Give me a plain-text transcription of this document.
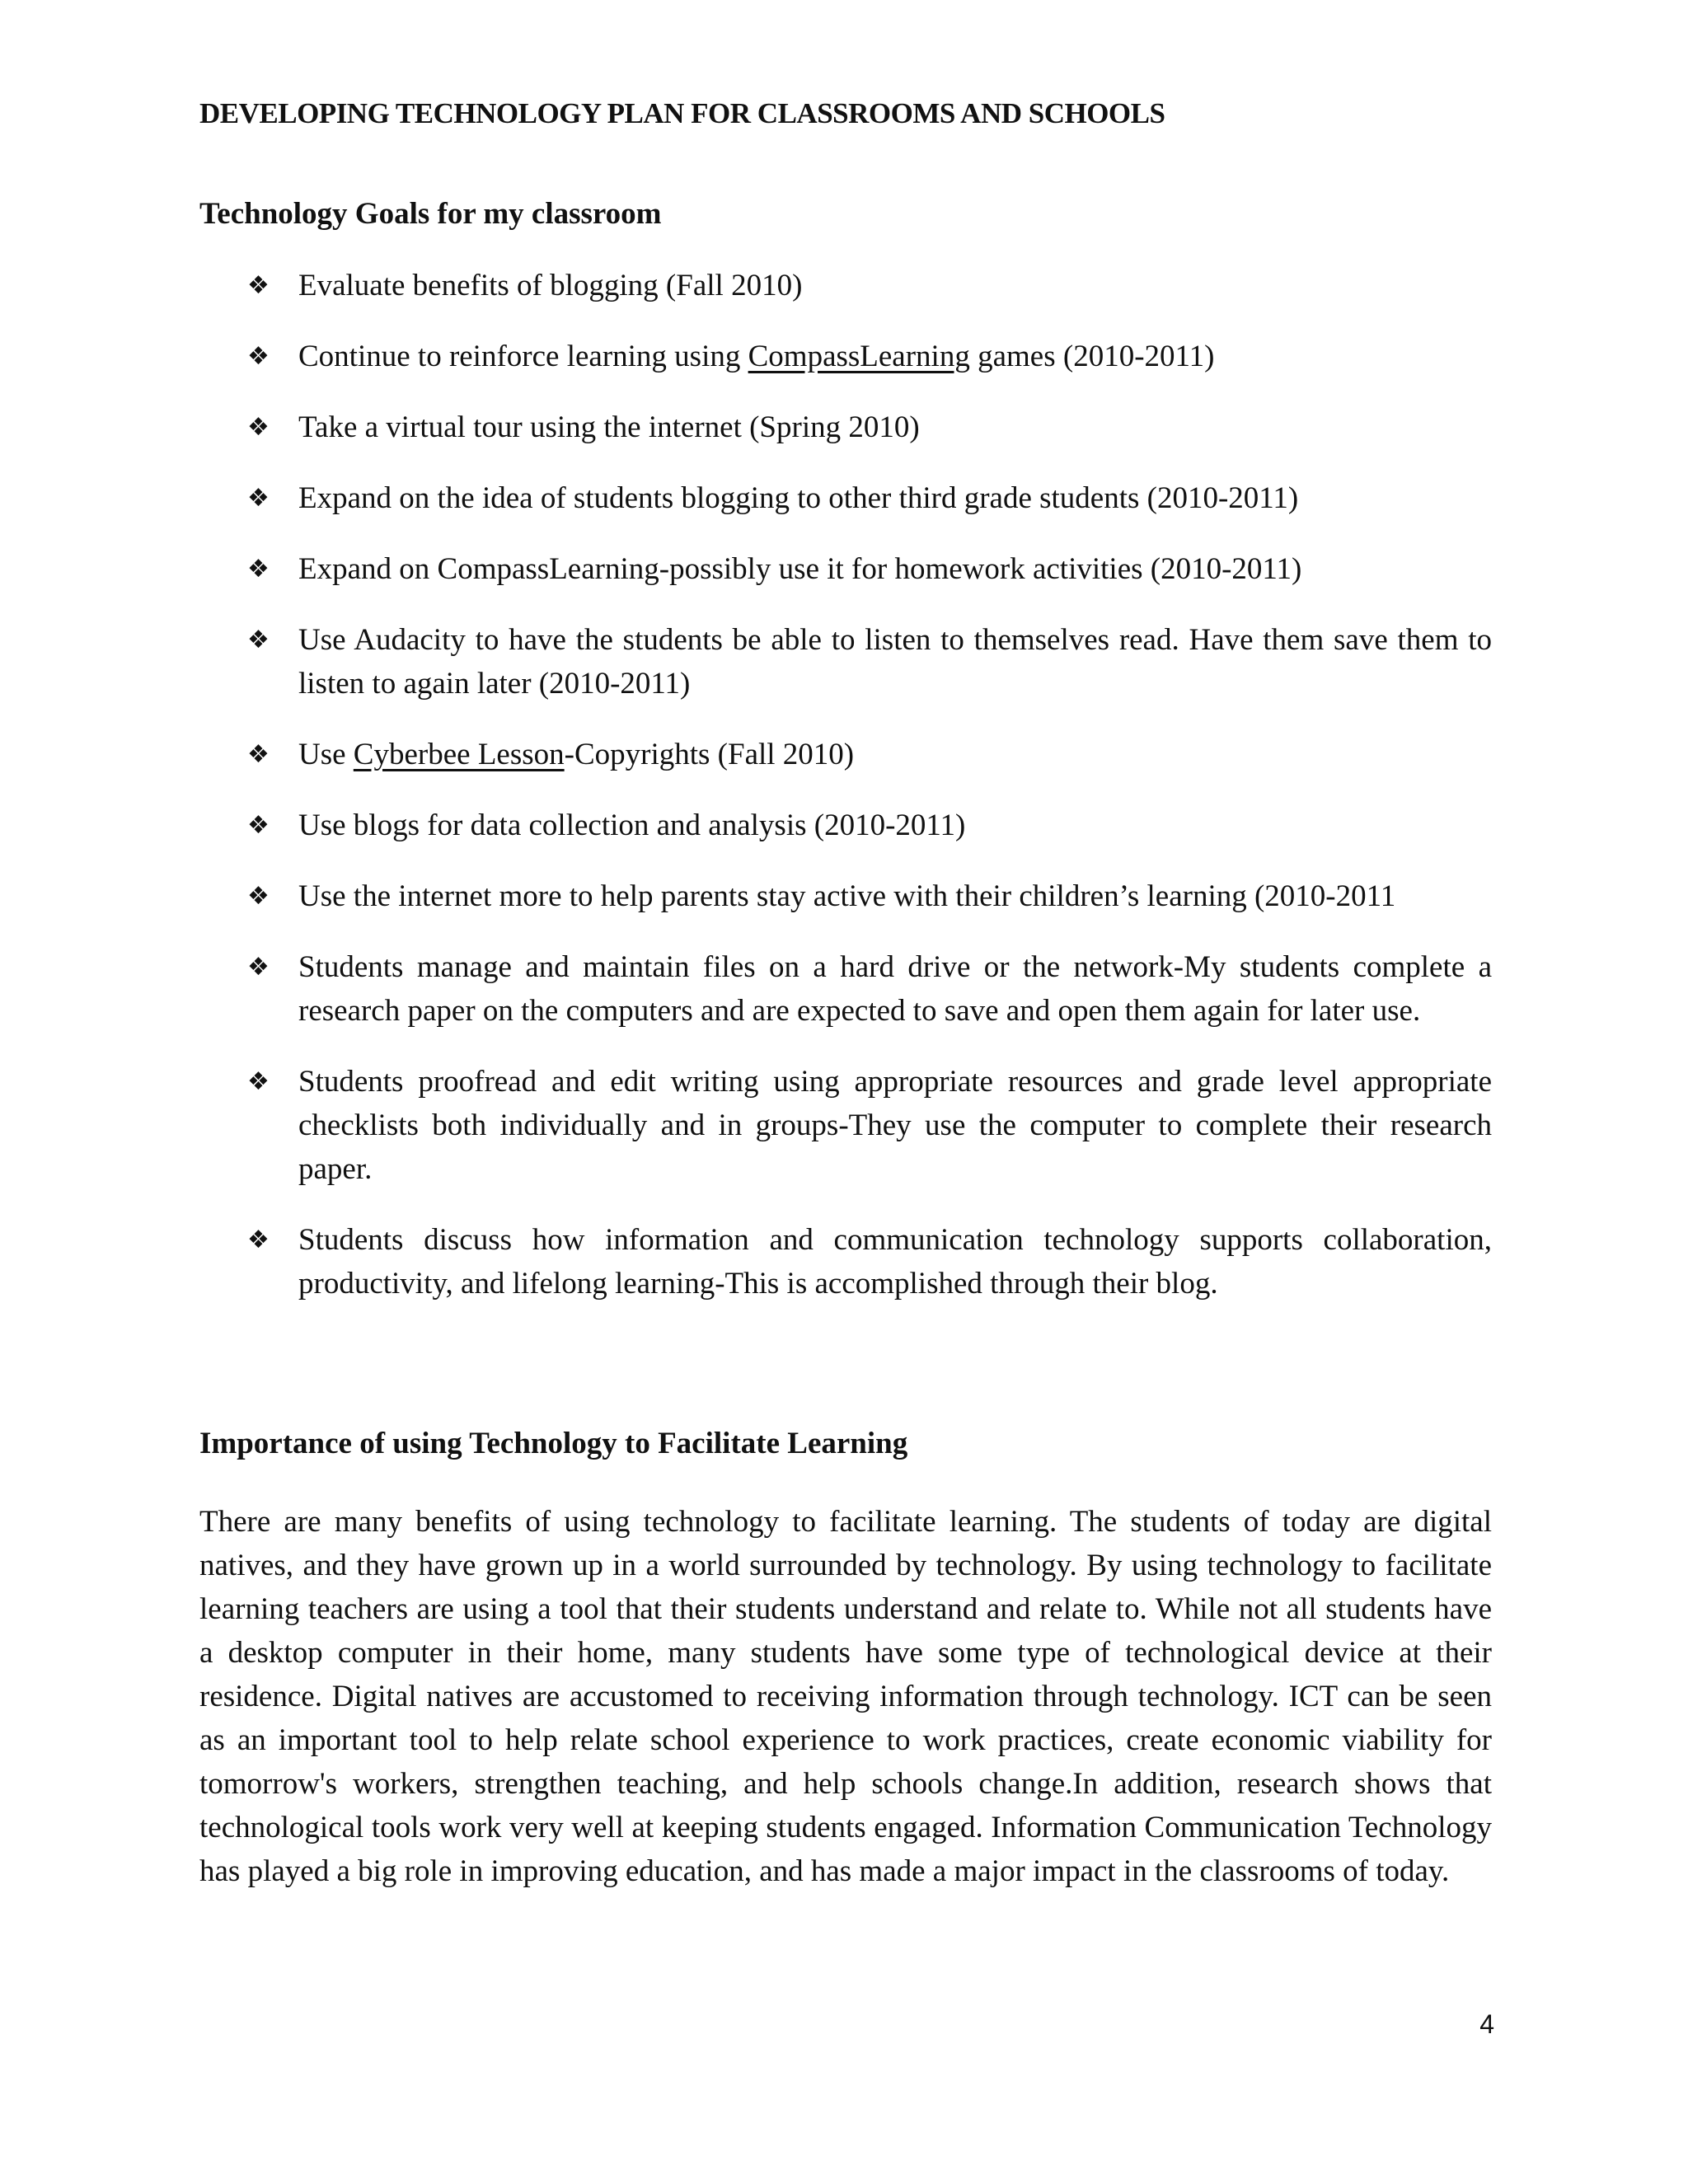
DEVELOPING TECHNOLOGY PLAN FOR CLASSROOMS AND SCHOOLS
Technology Goals for my classroom
❖ Evaluate benefits of blogging (Fall 2010)
❖ Continue to reinforce learning using CompassLearning games (2010-2011)
❖ Take a virtual tour using the internet (Spring 2010)
❖ Expand on the idea of students blogging to other third grade students (2010-2011)
❖ Expand on CompassLearning-possibly use it for homework activities (2010-2011)
❖ Use Audacity to have the students be able to listen to themselves read. Have them save them to listen to again later (2010-2011)
❖ Use Cyberbee Lesson-Copyrights (Fall 2010)
❖ Use blogs for data collection and analysis (2010-2011)
❖ Use the internet more to help parents stay active with their children’s learning (2010-2011
❖ Students manage and maintain files on a hard drive or the network-My students complete a research paper on the computers and are expected to save and open them again for later use.
❖ Students proofread and edit writing using appropriate resources and grade level appropriate checklists both individually and in groups-They use the computer to complete their research paper.
❖ Students discuss how information and communication technology supports collaboration, productivity, and lifelong learning-This is accomplished through their blog.
Importance of using Technology to Facilitate Learning

There are many benefits of using technology to facilitate learning. The students of today are digital natives, and they have grown up in a world surrounded by technology. By using technology to facilitate learning teachers are using a tool that their students understand and relate to. While not all students have a desktop computer in their home, many students have some type of technological device at their residence. Digital natives are accustomed to receiving information through technology. ICT can be seen as an important tool to help relate school experience to work practices, create economic viability for tomorrow's workers, strengthen teaching, and help schools change.In addition, research shows that technological tools work very well at keeping students engaged. Information Communication Technology has played a big role in improving education, and has made a major impact in the classrooms of today.

4
